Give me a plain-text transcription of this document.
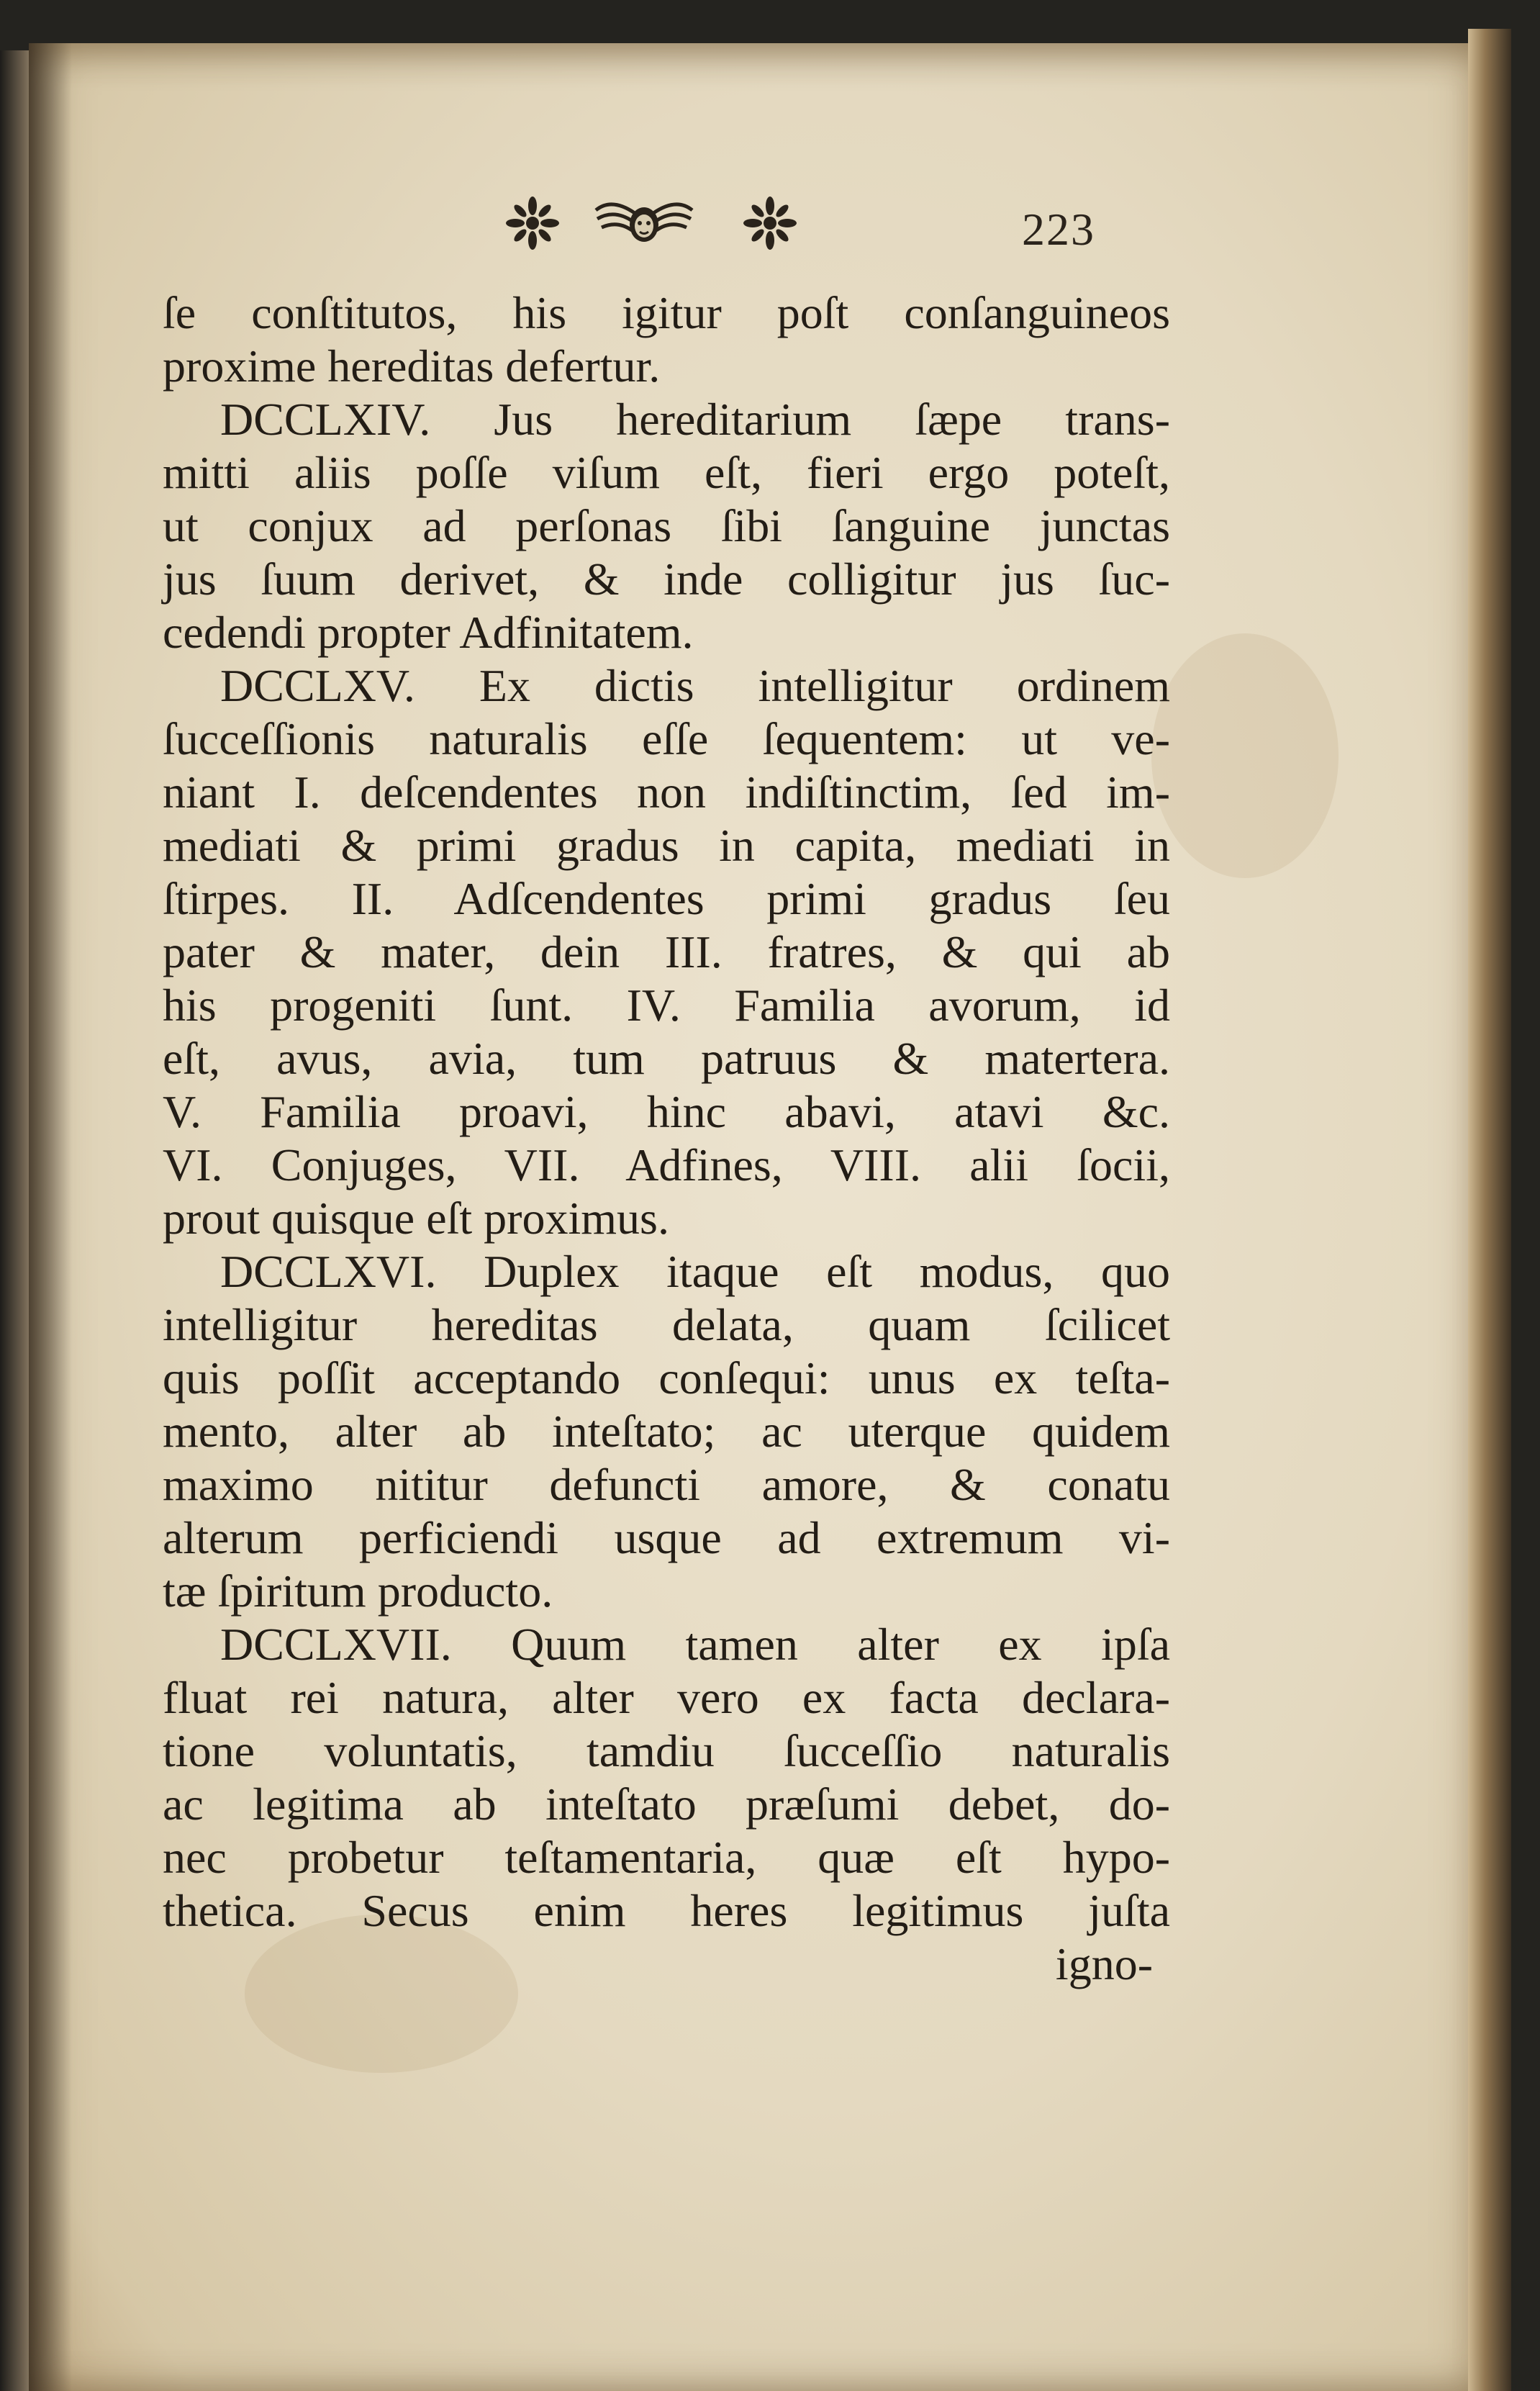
223
ſe conſtitutos, his igitur poſt conſanguineos
proxime hereditas defertur.
DCCLXIV. Jus hereditarium ſæpe trans-
mitti aliis poſſe viſum eſt, fieri ergo poteſt,
ut conjux ad perſonas ſibi ſanguine junctas
jus ſuum derivet, & inde colligitur jus ſuc-
cedendi propter Adfinitatem.
DCCLXV. Ex dictis intelligitur ordinem
ſucceſſionis naturalis eſſe ſequentem: ut ve-
niant I. deſcendentes non indiſtinctim, ſed im-
mediati & primi gradus in capita, mediati in
ſtirpes. II. Adſcendentes primi gradus ſeu
pater & mater, dein III. fratres, & qui ab
his progeniti ſunt. IV. Familia avorum, id
eſt, avus, avia, tum patruus & matertera.
V. Familia proavi, hinc abavi, atavi &c.
VI. Conjuges, VII. Adfines, VIII. alii ſocii,
prout quisque eſt proximus.
DCCLXVI. Duplex itaque eſt modus, quo
intelligitur hereditas delata, quam ſcilicet
quis poſſit acceptando conſequi: unus ex teſta-
mento, alter ab inteſtato; ac uterque quidem
maximo nititur defuncti amore, & conatu
alterum perficiendi usque ad extremum vi-
tæ ſpiritum producto.
DCCLXVII. Quum tamen alter ex ipſa
fluat rei natura, alter vero ex facta declara-
tione voluntatis, tamdiu ſucceſſio naturalis
ac legitima ab inteſtato præſumi debet, do-
nec probetur teſtamentaria, quæ eſt hypo-
thetica. Secus enim heres legitimus juſta
igno-
